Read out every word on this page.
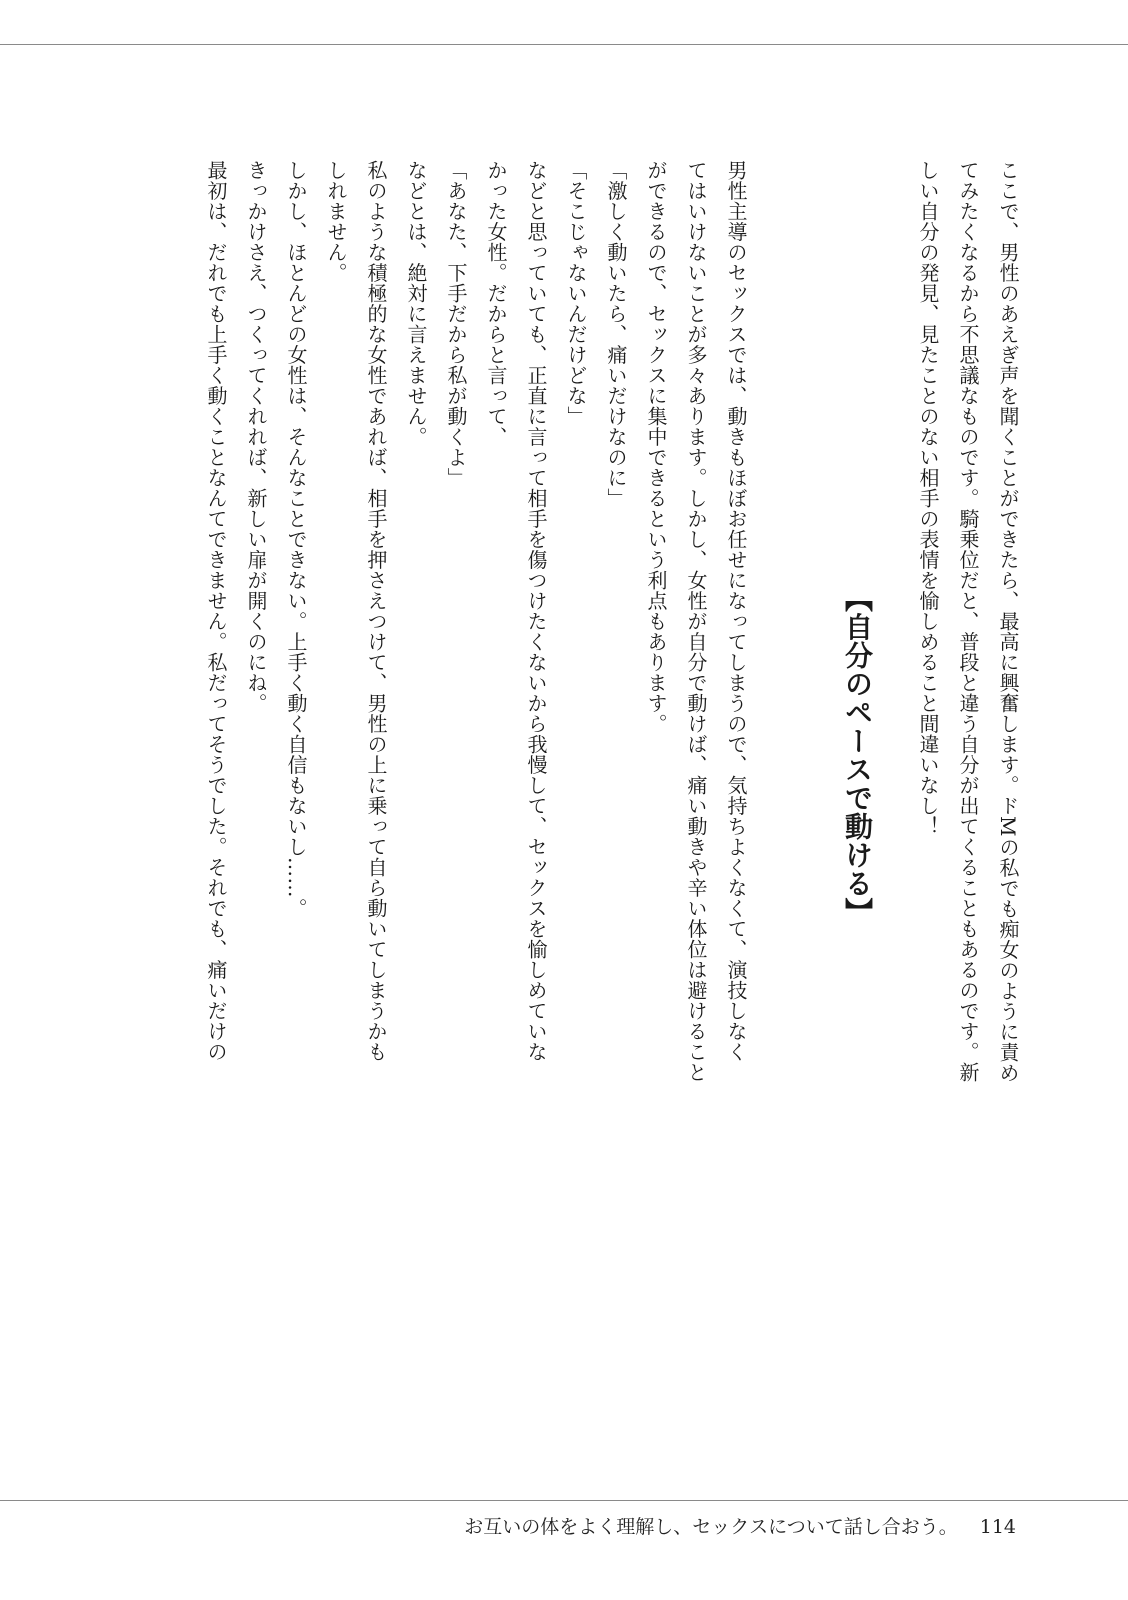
ここで、男性のあえぎ声を聞くことができたら、最高に興奮します。ドMの私でも痴女のように責め
てみたくなるから不思議なものです。騎乗位だと、普段と違う自分が出てくることもあるのです。新
しい自分の発見、見たことのない相手の表情を愉しめること間違いなし！
【自分のペースで動ける】
男性主導のセックスでは、動きもほぼお任せになってしまうので、気持ちよくなくて、演技しなく
てはいけないことが多々あります。しかし、女性が自分で動けば、痛い動きや辛い体位は避けること
ができるので、セックスに集中できるという利点もあります。
「激しく動いたら、痛いだけなのに」
「そこじゃないんだけどな」
などと思っていても、正直に言って相手を傷つけたくないから我慢して、セックスを愉しめていな
かった女性。だからと言って、
「あなた、下手だから私が動くよ」
などとは、絶対に言えません。
私のような積極的な女性であれば、相手を押さえつけて、男性の上に乗って自ら動いてしまうかも
しれません。
しかし、ほとんどの女性は、そんなことできない。上手く動く自信もないし……。
きっかけさえ、つくってくれれば、新しい扉が開くのにね。
最初は、だれでも上手く動くことなんてできません。私だってそうでした。それでも、痛いだけの
お互いの体をよく理解し、セックスについて話し合おう。 114
